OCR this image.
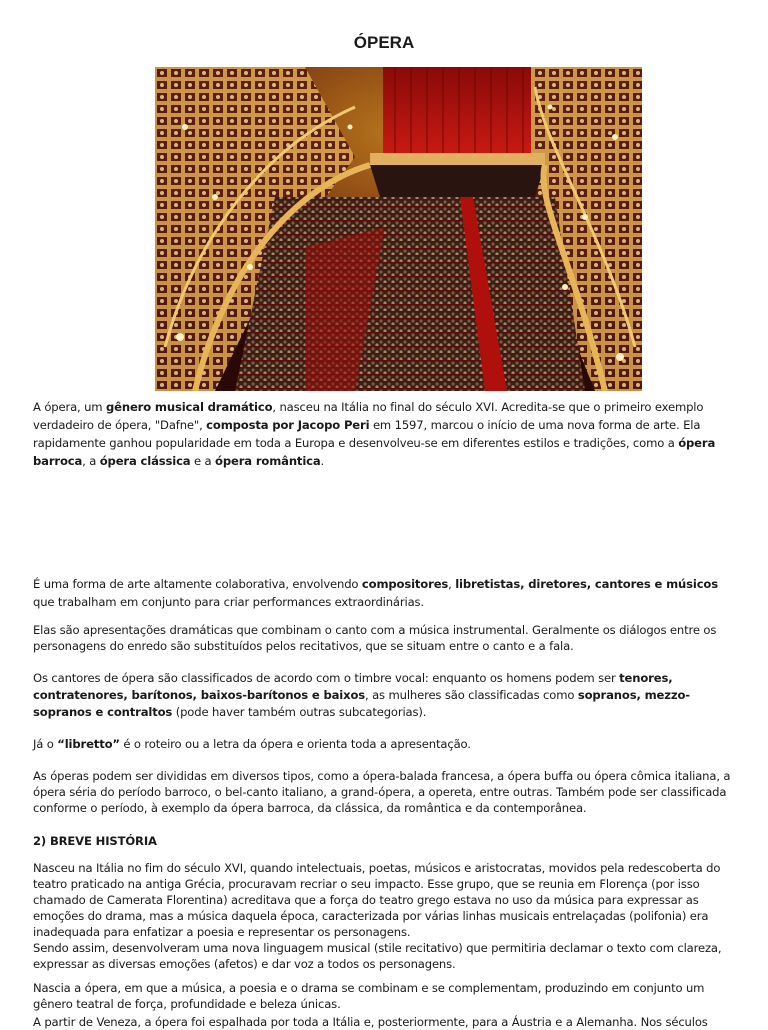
ÓPERA

A ópera, um gênero musical dramático, nasceu na Itália no final do século XVI. Acredita-se que o primeiro exemplo verdadeiro de ópera, "Dafne", composta por Jacopo Peri em 1597, marcou o início de uma nova forma de arte. Ela rapidamente ganhou popularidade em toda a Europa e desenvolveu-se em diferentes estilos e tradições, como a ópera barroca, a ópera clássica e a ópera romântica.

É uma forma de arte altamente colaborativa, envolvendo compositores, libretistas, diretores, cantores e músicos que trabalham em conjunto para criar performances extraordinárias.

Elas são apresentações dramáticas que combinam o canto com a música instrumental. Geralmente os diálogos entre os personagens do enredo são substituídos pelos recitativos, que se situam entre o canto e a fala.

Os cantores de ópera são classificados de acordo com o timbre vocal: enquanto os homens podem ser tenores, contratenores, barítonos, baixos-barítonos e baixos, as mulheres são classificadas como sopranos, mezzo-sopranos e contraltos (pode haver também outras subcategorias).

Já o “libretto” é o roteiro ou a letra da ópera e orienta toda a apresentação.

As óperas podem ser divididas em diversos tipos, como a ópera-balada francesa, a ópera buffa ou ópera cômica italiana, a ópera séria do período barroco, o bel-canto italiano, a grand-ópera, a opereta, entre outras. Também pode ser classificada conforme o período, à exemplo da ópera barroca, da clássica, da romântica e da contemporânea.

2) BREVE HISTÓRIA

Nasceu na Itália no fim do século XVI, quando intelectuais, poetas, músicos e aristocratas, movidos pela redescoberta do teatro praticado na antiga Grécia, procuravam recriar o seu impacto. Esse grupo, que se reunia em Florença (por isso chamado de Camerata Florentina) acreditava que a força do teatro grego estava no uso da música para expressar as emoções do drama, mas a música daquela época, caracterizada por várias linhas musicais entrelaçadas (polifonia) era inadequada para enfatizar a poesia e representar os personagens.

Sendo assim, desenvolveram uma nova linguagem musical (stile recitativo) que permitiria declamar o texto com clareza, expressar as diversas emoções (afetos) e dar voz a todos os personagens.

Nascia a ópera, em que a música, a poesia e o drama se combinam e se complementam, produzindo em conjunto um gênero teatral de força, profundidade e beleza únicas.

A partir de Veneza, a ópera foi espalhada por toda a Itália e, posteriormente, para a Áustria e a Alemanha. Nos séculos
